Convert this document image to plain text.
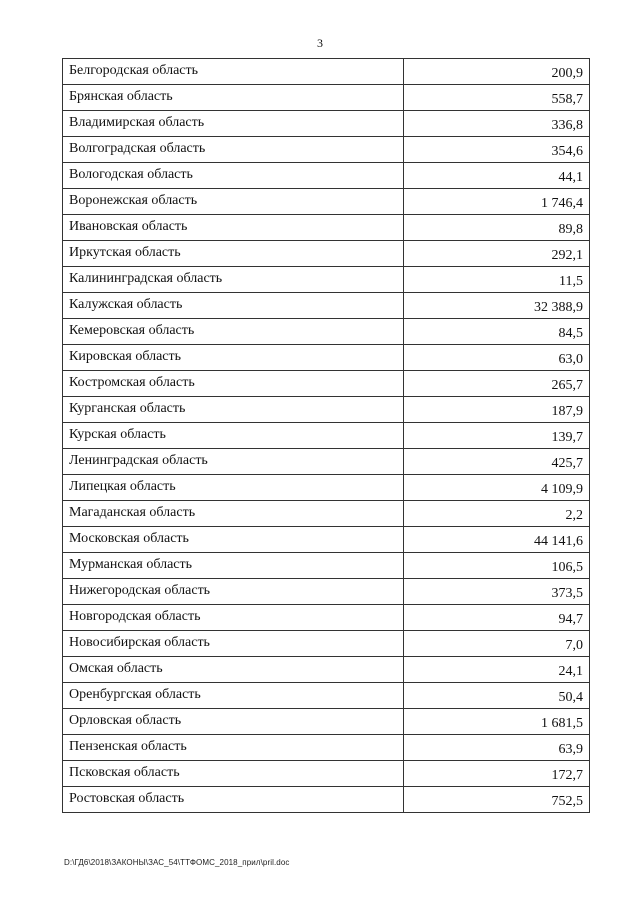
3
Белгородская область	200,9
Брянская область	558,7
Владимирская область	336,8
Волгоградская область	354,6
Вологодская область	44,1
Воронежская область	1 746,4
Ивановская область	89,8
Иркутская область	292,1
Калининградская область	11,5
Калужская область	32 388,9
Кемеровская область	84,5
Кировская область	63,0
Костромская область	265,7
Курганская область	187,9
Курская область	139,7
Ленинградская область	425,7
Липецкая область	4 109,9
Магаданская область	2,2
Московская область	44 141,6
Мурманская область	106,5
Нижегородская область	373,5
Новгородская область	94,7
Новосибирская область	7,0
Омская область	24,1
Оренбургская область	50,4
Орловская область	1 681,5
Пензенская область	63,9
Псковская область	172,7
Ростовская область	752,5
D:\ГД6\2018\ЗАКОНЫ\ЗАС_54\ТТФОМС_2018_прил\pril.doc
